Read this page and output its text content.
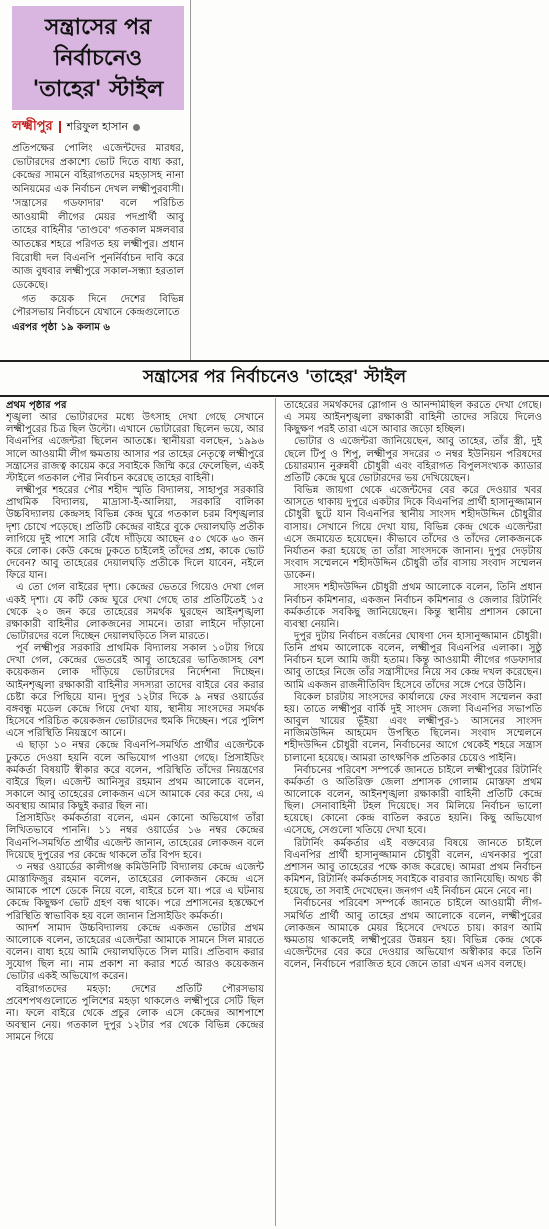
সন্ত্রাসের পর
নির্বাচনেও
'তাহের' স্টাইল
লক্ষ্মীপুর শরিফুল হাসান

প্রতিপক্ষের পোলিং এজেন্টদের মারধর, ভোটারদের প্রকাশ্যে ভোট দিতে বাধ্য করা, কেন্দ্রের সামনে বহিরাগতদের মহড়াসহ নানা অনিয়মের এক নির্বাচন দেখল লক্ষ্মীপুরবাসী। 'সন্ত্রাসের গডফাদার' বলে পরিচিত আওয়ামী লীগের মেয়র পদপ্রার্থী আবু তাহের বাহিনীর 'তাণ্ডবে' গতকাল মঙ্গলবার আতঙ্কের শহরে পরিণত হয় লক্ষ্মীপুর। প্রধান বিরোধী দল বিএনপি পুনর্নির্বাচন দাবি করে আজ বুধবার লক্ষ্মীপুরে সকাল-সন্ধ্যা হরতাল ডেকেছে।

গত কয়েক দিনে দেশের বিভিন্ন পৌরসভায় নির্বাচনে যেখানে কেন্দ্রগুলোতে

এরপর পৃষ্ঠা ১৯ কলাম ৬

সন্ত্রাসের পর নির্বাচনেও 'তাহের' স্টাইল

প্রথম পৃষ্ঠার পর

শৃঙ্খলা আর ভোটারদের মধ্যে উৎসাহ দেখা গেছে সেখানে লক্ষ্মীপুরের চিত্র ছিল উল্টো। এখানে ভোটারেরা ছিলেন ভয়ে, আর বিএনপির এজেন্টরা ছিলেন আতঙ্কে। স্থানীয়রা বলছেন, ১৯৯৬ সালে আওয়ামী লীগ ক্ষমতায় আসার পর তাহের নেতৃত্বে লক্ষ্মীপুরে সন্ত্রাসের রাজত্ব কায়েম করে সবাইকে জিম্মি করে ফেলেছিল, একই স্টাইলে গতকাল পৌর নির্বাচন করেছে তাহের বাহিনী।

লক্ষ্মীপুর শহরের পৌর শহীদ স্মৃতি বিদ্যালয়, সাহাপুর সরকারি প্রাথমিক বিদ্যালয়, মাদ্রাসা-ই-আলিয়া, সরকারি বালিকা উচ্চবিদ্যালয় কেন্দ্রসহ বিভিন্ন কেন্দ্র ঘুরে গতকাল চরম বিশৃঙ্খলার দৃশ্য চোখে পড়েছে। প্রতিটি কেন্দ্রের বাইরে বুকে দেয়ালঘড়ি প্রতীক লাগিয়ে দুই পাশে সারি বেঁধে দাঁড়িয়ে আছেন ৫০ থেকে ৬০ জন করে লোক। কেউ কেন্দ্রে ঢুকতে চাইলেই তাঁদের প্রশ্ন, কাকে ভোট দেবেন? আবু তাহেরের দেয়ালঘড়ি প্রতীকে দিলে যাবেন, নইলে ফিরে যান।

এ তো গেল বাইরের দৃশ্য। কেন্দ্রের ভেতরে গিয়েও দেখা গেল একই দৃশ্য। যে কটি কেন্দ্র ঘুরে দেখা গেছে তার প্রতিটিতেই ১৫ থেকে ২০ জন করে তাহেরের সমর্থক ঘুরছেন আইনশৃঙ্খলা রক্ষাকারী বাহিনীর লোকজনের সামনে। তারা লাইনে দাঁড়ানো ভোটারদের বলে দিচ্ছেন দেয়ালঘড়িতে সিল মারতে।

পূর্ব লক্ষ্মীপুর সরকারি প্রাথমিক বিদ্যালয় সকাল ১০টায় গিয়ে দেখা গেল, কেন্দ্রের ভেতরেই আবু তাহেরের ভাতিজাসহ বেশ কয়েকজন লোক দাঁড়িয়ে ভোটারদের নির্দেশনা দিচ্ছেন। আইনশৃঙ্খলা রক্ষাকারী বাহিনীর সদস্যরা তাদের বাইরে বের করার চেষ্টা করে পিছিয়ে যান। দুপুর ১২টার দিকে ৯ নম্বর ওয়ার্ডের বঙ্গবন্ধু মডেল কেন্দ্রে গিয়ে দেখা যায়, স্থানীয় সাংসদের সমর্থক হিসেবে পরিচিত কয়েকজন ভোটারদের হুমকি দিচ্ছেন। পরে পুলিশ এসে পরিস্থিতি নিয়ন্ত্রণে আনে।

এ ছাড়া ১০ নম্বর কেন্দ্রে বিএনপি-সমর্থিত প্রার্থীর এজেন্টকে ঢুকতে দেওয়া হয়নি বলে অভিযোগ পাওয়া গেছে। প্রিসাইডিং কর্মকর্তা বিষয়টি স্বীকার করে বলেন, পরিস্থিতি তাঁদের নিয়ন্ত্রণের বাইরে ছিল। এজেন্ট আনিসুর রহমান প্রথম আলোকে বলেন, সকালে আবু তাহেরের লোকজন এসে আমাকে বের করে দেয়, এ অবস্থায় আমার কিছুই করার ছিল না।

প্রিসাইডিং কর্মকর্তারা বলেন, এমন কোনো অভিযোগ তাঁরা লিখিতভাবে পাননি। ১১ নম্বর ওয়ার্ডের ১৬ নম্বর কেন্দ্রের বিএনপি-সমর্থিত প্রার্থীর এজেন্ট জানান, তাহেরের লোকজন বলে দিয়েছে দুপুরের পর কেন্দ্রে থাকলে তাঁর বিপদ হবে।

৩ নম্বর ওয়ার্ডের কালীগঞ্জ কমিউনিটি বিদ্যালয় কেন্দ্রে এজেন্ট মোস্তাফিজুর রহমান বলেন, তাহেরের লোকজন কেন্দ্রে এসে আমাকে পাশে ডেকে নিয়ে বলে, বাইরে চলে যা। পরে এ ঘটনায় কেন্দ্রে কিছুক্ষণ ভোট গ্রহণ বন্ধ থাকে। পরে প্রশাসনের হস্তক্ষেপে পরিস্থিতি স্বাভাবিক হয় বলে জানান প্রিসাইডিং কর্মকর্তা।

আদর্শ সামাদ উচ্চবিদ্যালয় কেন্দ্রে একজন ভোটার প্রথম আলোকে বলেন, তাহেরের এজেন্টরা আমাকে সামনে সিল মারতে বলেন। বাধ্য হয়ে আমি দেয়ালঘড়িতে সিল মারি। প্রতিবাদ করার সুযোগ ছিল না। নাম প্রকাশ না করার শর্তে আরও কয়েকজন ভোটার একই অভিযোগ করেন।

বহিরাগতদের মহড়া: দেশের প্রতিটি পৌরসভায় প্রবেশপথগুলোতে পুলিশের মহড়া থাকলেও লক্ষ্মীপুরে সেটি ছিল না। ফলে বাইরে থেকে প্রচুর লোক এসে কেন্দ্রের আশপাশে অবস্থান নেয়। গতকাল দুপুর ১২টার পর থেকে বিভিন্ন কেন্দ্রের সামনে গিয়ে

তাহেরের সমর্থকদের স্লোগান ও আনন্দমিছিল করতে দেখা গেছে। এ সময় আইনশৃঙ্খলা রক্ষাকারী বাহিনী তাদের সরিয়ে দিলেও কিছুক্ষণ পরই তারা এসে আবার জড়ো হচ্ছিল।

ভোটার ও এজেন্টরা জানিয়েছেন, আবু তাহের, তাঁর স্ত্রী, দুই ছেলে টিপু ও শিপু, লক্ষ্মীপুর সদরের ৩ নম্বর ইউনিয়ন পরিষদের চেয়ারম্যান নুরুন্নবী চৌধুরী এবং বহিরাগত বিপুলসংখ্যক ক্যাডার প্রতিটি কেন্দ্রে ঘুরে ভোটারদের ভয় দেখিয়েছেন।

বিভিন্ন জায়গা থেকে এজেন্টদের বের করে দেওয়ার খবর আসতে থাকায় দুপুরে একটার দিকে বিএনপির প্রার্থী হাসানুজ্জামান চৌধুরী ছুটে যান বিএনপির স্থানীয় সাংসদ শহীদউদ্দিন চৌধুরীর বাসায়। সেখানে গিয়ে দেখা যায়, বিভিন্ন কেন্দ্র থেকে এজেন্টরা এসে জমায়েত হয়েছেন। কীভাবে তাঁদের ও তাঁদের লোকজনকে নির্যাতন করা হয়েছে তা তাঁরা সাংসদকে জানান। দুপুর দেড়টায় সংবাদ সম্মেলনে শহীদউদ্দিন চৌধুরী তাঁর বাসায় সংবাদ সম্মেলন ডাকেন।

সাংসদ শহীদউদ্দিন চৌধুরী প্রথম আলোকে বলেন, তিনি প্রধান নির্বাচন কমিশনার, একজন নির্বাচন কমিশনার ও জেলার রিটার্নিং কর্মকর্তাকে সবকিছু জানিয়েছেন। কিন্তু স্থানীয় প্রশাসন কোনো ব্যবস্থা নেয়নি।

দুপুর দুটায় নির্বাচন বর্জনের ঘোষণা দেন হাসানুজ্জামান চৌধুরী। তিনি প্রথম আলোকে বলেন, লক্ষ্মীপুর বিএনপির এলাকা। সুষ্ঠু নির্বাচন হলে আমি জয়ী হতাম। কিন্তু আওয়ামী লীগের গডফাদার আবু তাহের নিজে তাঁর সন্ত্রাসীদের নিয়ে সব কেন্দ্র দখল করেছেন। আমি একজন রাজনীতিবিদ হিসেবে তাঁদের সঙ্গে পেরে উঠিনি।

বিকেল চারটায় সাংসদের কার্যালয়ে ফের সংবাদ সম্মেলন করা হয়। তাতে লক্ষ্মীপুর বার্কি দুই সাংসদ জেলা বিএনপির সভাপতি আবুল খায়ের ভূঁইয়া এবং লক্ষ্মীপুর-১ আসনের সাংসদ নাজিমউদ্দিন আহমেদ উপস্থিত ছিলেন। সংবাদ সম্মেলনে শহীদউদ্দিন চৌধুরী বলেন, নির্বাচনের আগে থেকেই শহরে সন্ত্রাস চালানো হয়েছে। আমরা তাৎক্ষণিক প্রতিকার চেয়েও পাইনি।

নির্বাচনের পরিবেশ সম্পর্কে জানতে চাইলে লক্ষ্মীপুরের রিটার্নিং কর্মকর্তা ও অতিরিক্ত জেলা প্রশাসক গোলাম মোস্তফা প্রথম আলোকে বলেন, আইনশৃঙ্খলা রক্ষাকারী বাহিনী প্রতিটি কেন্দ্রে ছিল। সেনাবাহিনী টহল দিয়েছে। সব মিলিয়ে নির্বাচন ভালো হয়েছে। কোনো কেন্দ্র বাতিল করতে হয়নি। কিছু অভিযোগ এসেছে, সেগুলো খতিয়ে দেখা হবে।

রিটার্নিং কর্মকর্তার এই বক্তব্যের বিষয়ে জানতে চাইলে বিএনপির প্রার্থী হাসানুজ্জামান চৌধুরী বলেন, এখনকার পুরো প্রশাসন আবু তাহেরের পক্ষে কাজ করেছে। আমরা প্রথম নির্বাচন কমিশন, রিটার্নিং কর্মকর্তাসহ সবাইকে বারবার জানিয়েছি। অথচ কী হয়েছে, তা সবাই দেখেছেন। জনগণ এই নির্বাচন মেনে নেবে না।

নির্বাচনের পরিবেশ সম্পর্কে জানতে চাইলে আওয়ামী লীগ-সমর্থিত প্রার্থী আবু তাহের প্রথম আলোকে বলেন, লক্ষ্মীপুরের লোকজন আমাকে মেয়র হিসেবে দেখতে চায়। কারণ আমি ক্ষমতায় থাকলেই লক্ষ্মীপুরের উন্নয়ন হয়। বিভিন্ন কেন্দ্র থেকে এজেন্টদের বের করে দেওয়ার অভিযোগ অস্বীকার করে তিনি বলেন, নির্বাচনে পরাজিত হবে জেনে তারা এখন এসব বলছে।
